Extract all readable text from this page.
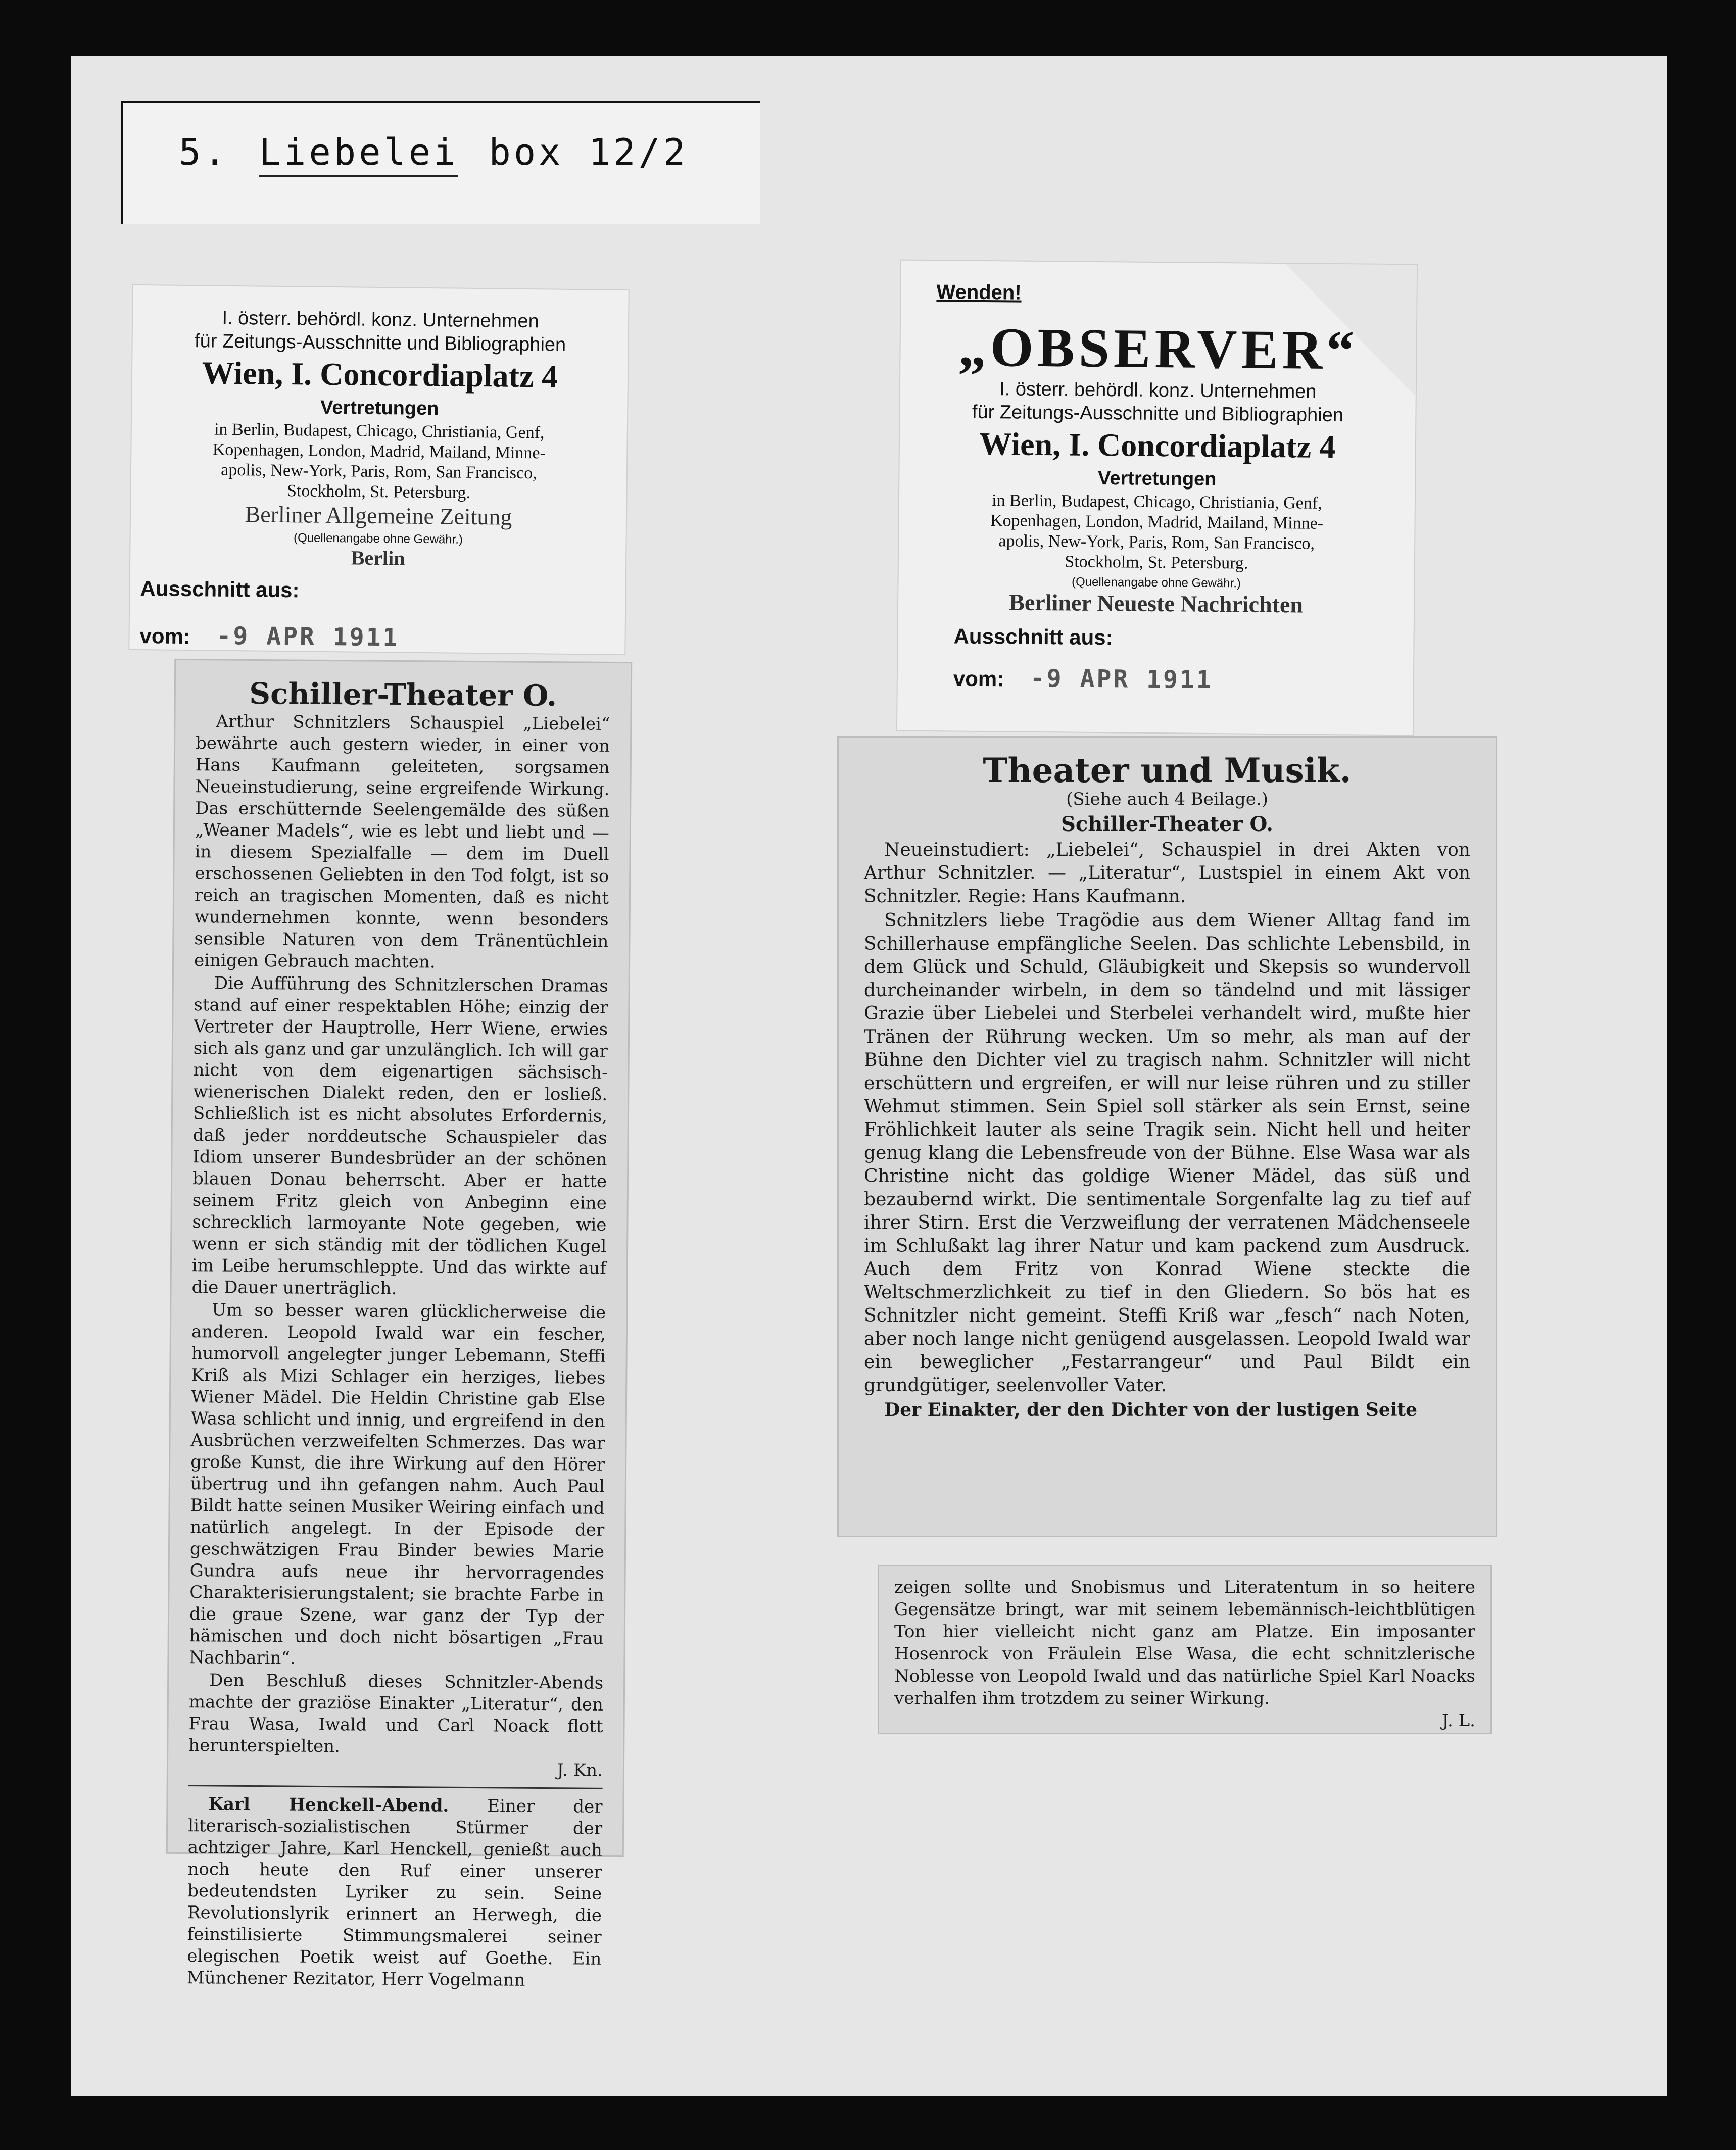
5. Liebelei box 12/2
I. österr. behördl. konz. Unternehmen
für Zeitungs-Ausschnitte und Bibliographien
Wien, I. Concordiaplatz 4
Vertretungen
in Berlin, Budapest, Chicago, Christiania, Genf,
Kopenhagen, London, Madrid, Mailand, Minne-
apolis, New-York, Paris, Rom, San Francisco,
Stockholm, St. Petersburg.
Berliner Allgemeine Zeitung
(Quellenangabe ohne Gewähr.)
Berlin
Ausschnitt aus:
vom: -9 APR 1911
Schiller-Theater O.

Arthur Schnitzlers Schauspiel „Liebelei“ bewährte auch gestern wieder, in einer von Hans Kaufmann geleiteten, sorgsamen Neueinstudierung, seine ergreifende Wirkung. Das erschütternde Seelengemälde des süßen „Weaner Madels“, wie es lebt und liebt und — in diesem Spezialfalle — dem im Duell erschossenen Geliebten in den Tod folgt, ist so reich an tragischen Momenten, daß es nicht wundernehmen konnte, wenn besonders sensible Naturen von dem Tränentüchlein einigen Gebrauch machten.

Die Aufführung des Schnitzlerschen Dramas stand auf einer respektablen Höhe; einzig der Vertreter der Hauptrolle, Herr Wiene, erwies sich als ganz und gar unzulänglich. Ich will gar nicht von dem eigenartigen sächsisch-wienerischen Dialekt reden, den er losließ. Schließlich ist es nicht absolutes Erfordernis, daß jeder norddeutsche Schauspieler das Idiom unserer Bundesbrüder an der schönen blauen Donau beherrscht. Aber er hatte seinem Fritz gleich von Anbeginn eine schrecklich larmoyante Note gegeben, wie wenn er sich ständig mit der tödlichen Kugel im Leibe herumschleppte. Und das wirkte auf die Dauer unerträglich.

Um so besser waren glücklicherweise die anderen. Leopold Iwald war ein fescher, humorvoll angelegter junger Lebemann, Steffi Kriß als Mizi Schlager ein herziges, liebes Wiener Mädel. Die Heldin Christine gab Else Wasa schlicht und innig, und ergreifend in den Ausbrüchen verzweifelten Schmerzes. Das war große Kunst, die ihre Wirkung auf den Hörer übertrug und ihn gefangen nahm. Auch Paul Bildt hatte seinen Musiker Weiring einfach und natürlich angelegt. In der Episode der geschwätzigen Frau Binder bewies Marie Gundra aufs neue ihr hervorragendes Charakterisierungstalent; sie brachte Farbe in die graue Szene, war ganz der Typ der hämischen und doch nicht bösartigen „Frau Nachbarin“.

Den Beschluß dieses Schnitzler-Abends machte der graziöse Einakter „Literatur“, den Frau Wasa, Iwald und Carl Noack flott herunterspielten.

J. Kn.

Karl Henckell-Abend. Einer der literarisch-sozialistischen Stürmer der achtziger Jahre, Karl Henckell, genießt auch noch heute den Ruf einer unserer bedeutendsten Lyriker zu sein. Seine Revolutionslyrik erinnert an Herwegh, die feinstilisierte Stimmungsmalerei seiner elegischen Poetik weist auf Goethe. Ein Münchener Rezitator, Herr Vogelmann

Wenden!
„OBSERVER“
I. österr. behördl. konz. Unternehmen
für Zeitungs-Ausschnitte und Bibliographien
Wien, I. Concordiaplatz 4
Vertretungen
in Berlin, Budapest, Chicago, Christiania, Genf,
Kopenhagen, London, Madrid, Mailand, Minne-
apolis, New-York, Paris, Rom, San Francisco,
Stockholm, St. Petersburg.
(Quellenangabe ohne Gewähr.)
Berliner Neueste Nachrichten
Ausschnitt aus:
vom: -9 APR 1911
Theater und Musik.
(Siehe auch 4 Beilage.)
Schiller-Theater O.

Neueinstudiert: „Liebelei“, Schauspiel in drei Akten von Arthur Schnitzler. — „Literatur“, Lustspiel in einem Akt von Schnitzler. Regie: Hans Kaufmann.

Schnitzlers liebe Tragödie aus dem Wiener Alltag fand im Schillerhause empfängliche Seelen. Das schlichte Lebensbild, in dem Glück und Schuld, Gläubigkeit und Skepsis so wundervoll durcheinander wirbeln, in dem so tändelnd und mit lässiger Grazie über Liebelei und Sterbelei verhandelt wird, mußte hier Tränen der Rührung wecken. Um so mehr, als man auf der Bühne den Dichter viel zu tragisch nahm. Schnitzler will nicht erschüttern und ergreifen, er will nur leise rühren und zu stiller Wehmut stimmen. Sein Spiel soll stärker als sein Ernst, seine Fröhlichkeit lauter als seine Tragik sein. Nicht hell und heiter genug klang die Lebensfreude von der Bühne. Else Wasa war als Christine nicht das goldige Wiener Mädel, das süß und bezaubernd wirkt. Die sentimentale Sorgenfalte lag zu tief auf ihrer Stirn. Erst die Verzweiflung der verratenen Mädchenseele im Schlußakt lag ihrer Natur und kam packend zum Ausdruck. Auch dem Fritz von Konrad Wiene steckte die Weltschmerzlichkeit zu tief in den Gliedern. So bös hat es Schnitzler nicht gemeint. Steffi Kriß war „fesch“ nach Noten, aber noch lange nicht genügend ausgelassen. Leopold Iwald war ein beweglicher „Festarrangeur“ und Paul Bildt ein grundgütiger, seelenvoller Vater.

Der Einakter, der den Dichter von der lustigen Seite

zeigen sollte und Snobismus und Literatentum in so heitere Gegensätze bringt, war mit seinem lebemännisch-leichtblütigen Ton hier vielleicht nicht ganz am Platze. Ein imposanter Hosenrock von Fräulein Else Wasa, die echt schnitzlerische Noblesse von Leopold Iwald und das natürliche Spiel Karl Noacks verhalfen ihm trotzdem zu seiner Wirkung.

J. L.
